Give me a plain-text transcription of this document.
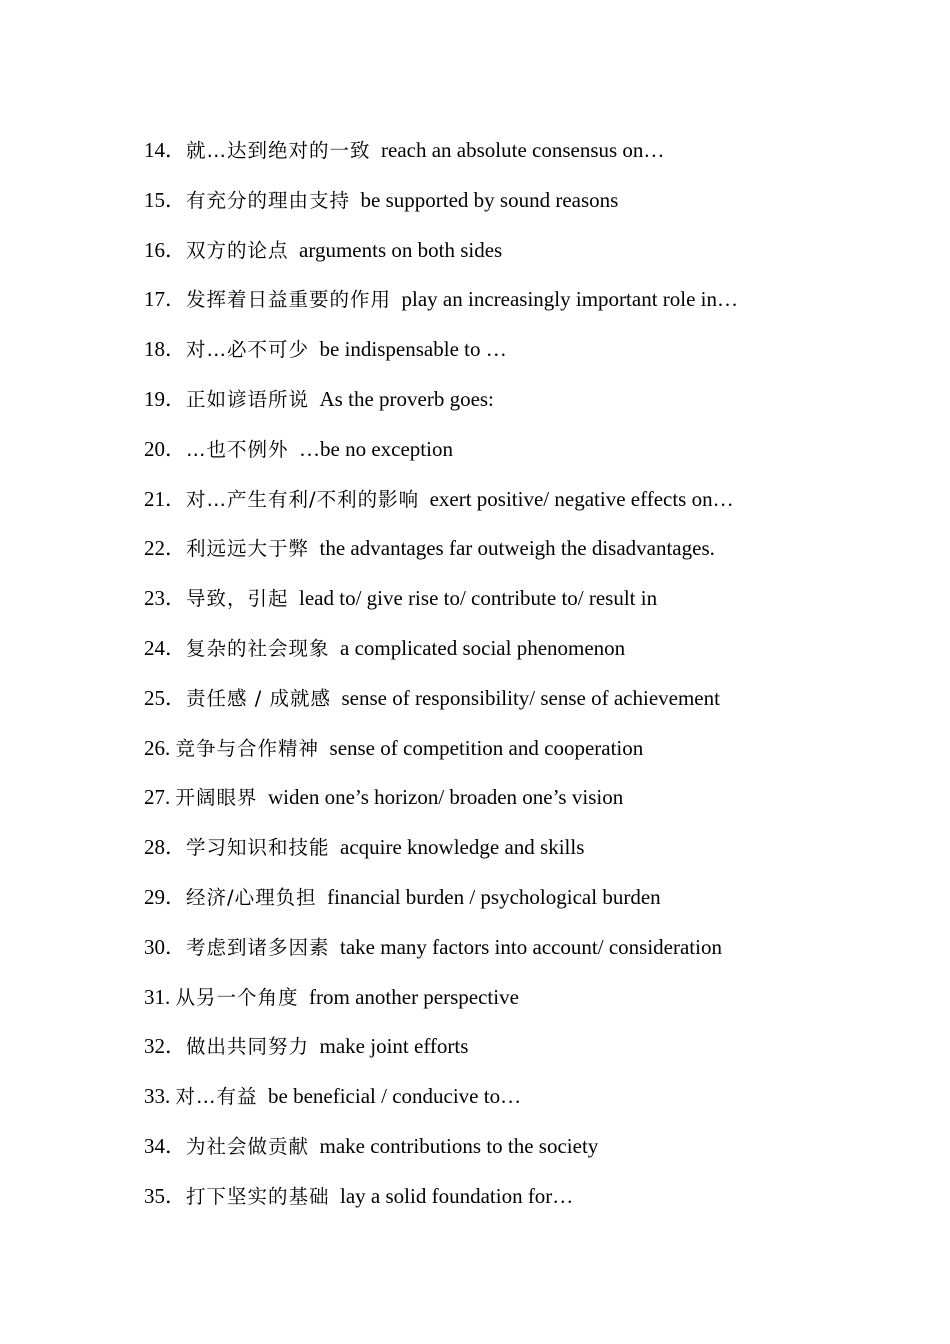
14．就…达到绝对的一致 reach an absolute consensus on…
15．有充分的理由支持 be supported by sound reasons
16．双方的论点 arguments on both sides
17．发挥着日益重要的作用 play an increasingly important role in…
18．对…必不可少 be indispensable to …
19．正如谚语所说 As the proverb goes:
20．…也不例外 …be no exception
21．对…产生有利/不利的影响 exert positive/ negative effects on…
22．利远远大于弊 the advantages far outweigh the disadvantages.
23．导致，引起 lead to/ give rise to/ contribute to/ result in
24．复杂的社会现象 a complicated social phenomenon
25．责任感 / 成就感 sense of responsibility/ sense of achievement
26. 竞争与合作精神 sense of competition and cooperation
27. 开阔眼界 widen one’s horizon/ broaden one’s vision
28．学习知识和技能 acquire knowledge and skills
29．经济/心理负担 financial burden / psychological burden
30．考虑到诸多因素 take many factors into account/ consideration
31. 从另一个角度 from another perspective
32．做出共同努力 make joint efforts
33. 对…有益 be beneficial / conducive to…
34．为社会做贡献 make contributions to the society
35．打下坚实的基础 lay a solid foundation for…
